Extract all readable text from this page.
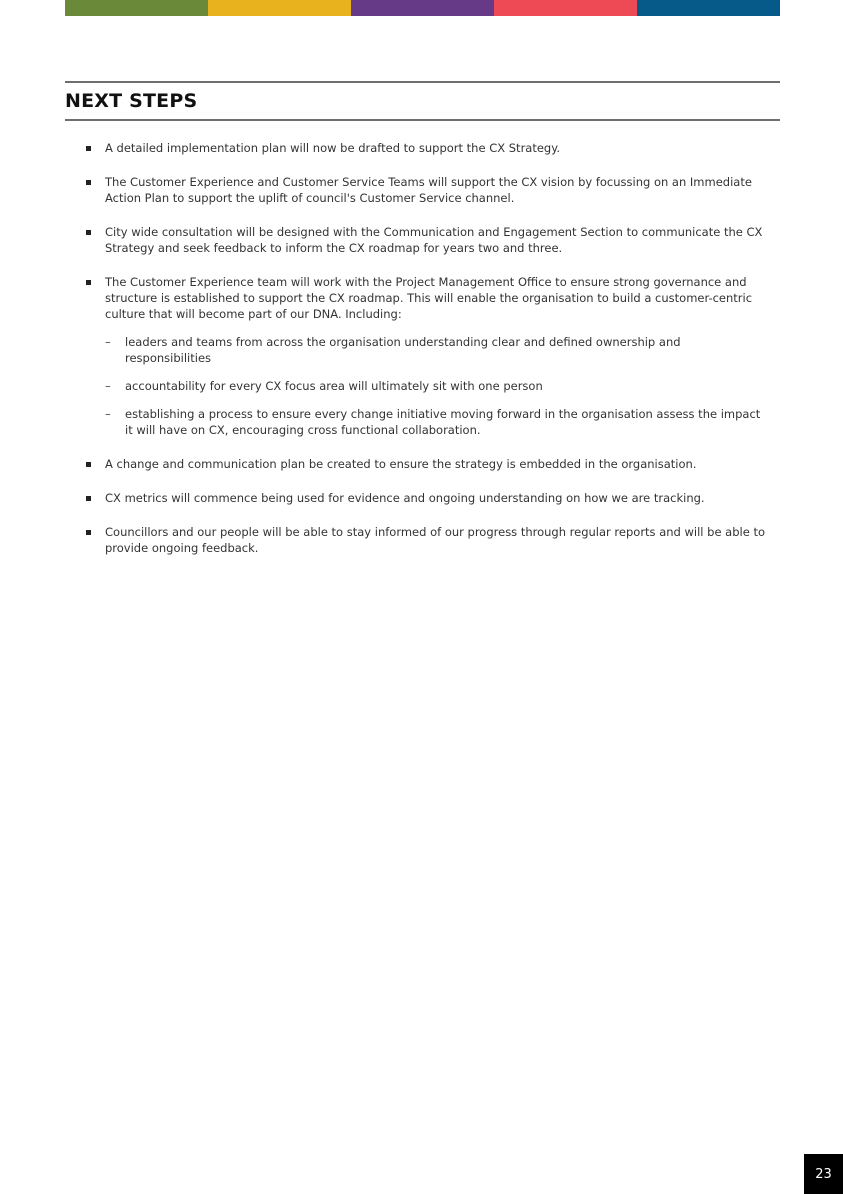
NEXT STEPS
A detailed implementation plan will now be drafted to support the CX Strategy.
The Customer Experience and Customer Service Teams will support the CX vision by focussing on an Immediate Action Plan to support the uplift of council's Customer Service channel.
City wide consultation will be designed with the Communication and Engagement Section to communicate the CX Strategy and seek feedback to inform the CX roadmap for years two and three.
The Customer Experience team will work with the Project Management Office to ensure strong governance and structure is established to support the CX roadmap. This will enable the organisation to build a customer-centric culture that will become part of our DNA. Including:
– leaders and teams from across the organisation understanding clear and defined ownership and responsibilities
– accountability for every CX focus area will ultimately sit with one person
– establishing a process to ensure every change initiative moving forward in the organisation assess the impact it will have on CX, encouraging cross functional collaboration.
A change and communication plan be created to ensure the strategy is embedded in the organisation.
CX metrics will commence being used for evidence and ongoing understanding on how we are tracking.
Councillors and our people will be able to stay informed of our progress through regular reports and will be able to provide ongoing feedback.
23
